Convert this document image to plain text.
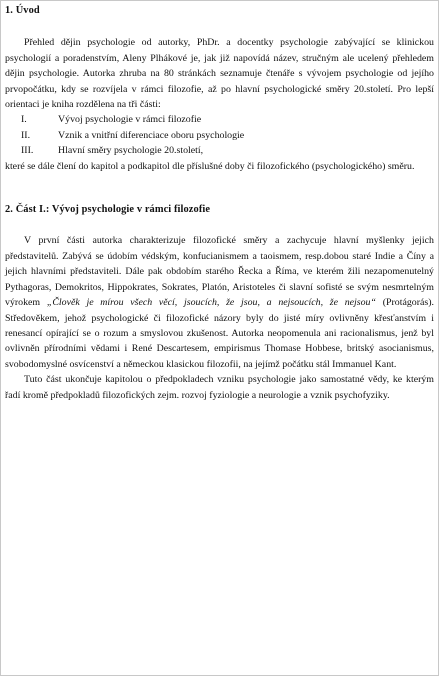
1. Úvod

Přehled dějin psychologie od autorky, PhDr. a docentky psychologie zabývající se klinickou psychologií a poradenstvím, Aleny Plhákové je, jak již napovídá název, stručným ale ucelený přehledem dějin psychologie. Autorka zhruba na 80 stránkách seznamuje čtenáře s vývojem psychologie od jejího prvopočátku, kdy se rozvíjela v rámci filozofie, až po hlavní psychologické směry 20.století. Pro lepší orientaci je kniha rozdělena na tři části:

I.	Vývoj psychologie v rámci filozofie
II.	Vznik a vnitřní diferenciace oboru psychologie
III.	Hlavní směry psychologie 20.století,

které se dále člení do kapitol a podkapitol dle příslušné doby či filozofického (psychologického) směru.

2. Část I.: Vývoj psychologie v rámci filozofie

V první části autorka charakterizuje filozofické směry a zachycuje hlavní myšlenky jejich představitelů. Zabývá se údobím védským, konfucianismem a taoismem, resp.dobou staré Indie a Číny a jejich hlavními představiteli. Dále pak obdobím starého Řecka a Říma, ve kterém žili nezapomenutelný Pythagoras, Demokritos, Hippokrates, Sokrates, Platón, Aristoteles či slavní sofisté se svým nesmrtelným výrokem „Člověk je mírou všech věcí, jsoucích, že jsou, a nejsoucích, že nejsou“ (Protágorás). Středověkem, jehož psychologické či filozofické názory byly do jisté míry ovlivněny křesťanstvím i renesancí opírající se o rozum a smyslovou zkušenost. Autorka neopomenula ani racionalismus, jenž byl ovlivněn přírodními vědami i René Descartesem, empirismus Thomase Hobbese, britský asocianismus, svobodomyslné osvícenství a německou klasickou filozofii, na jejímž počátku stál Immanuel Kant.

Tuto část ukončuje kapitolou o předpokladech vzniku psychologie jako samostatné vědy, ke kterým řadí kromě předpokladů filozofických zejm. rozvoj fyziologie a neurologie a vznik psychofyziky.
